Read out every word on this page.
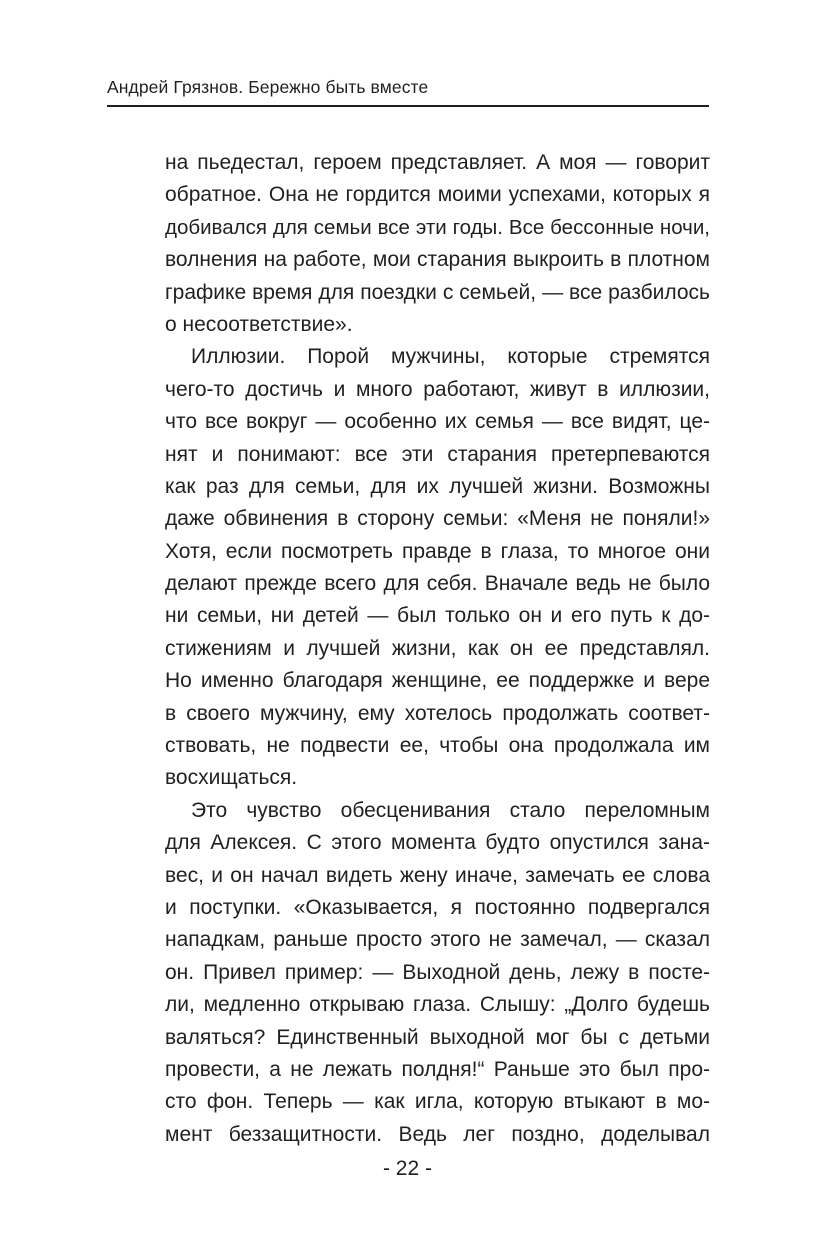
Андрей Грязнов. Бережно быть вместе
на пьедестал, героем представляет. А моя — говорит
обратное. Она не гордится моими успехами, которых я
добивался для семьи все эти годы. Все бессонные ночи,
волнения на работе, мои старания выкроить в плотном
графике время для поездки с семьей, — все разбилось
о несоответствие».
Иллюзии. Порой мужчины, которые стремятся
чего-то достичь и много работают, живут в иллюзии,
что все вокруг — особенно их семья — все видят, це-
нят и понимают: все эти старания претерпеваются
как раз для семьи, для их лучшей жизни. Возможны
даже обвинения в сторону семьи: «Меня не поняли!»
Хотя, если посмотреть правде в глаза, то многое они
делают прежде всего для себя. Вначале ведь не было
ни семьи, ни детей — был только он и его путь к до-
стижениям и лучшей жизни, как он ее представлял.
Но именно благодаря женщине, ее поддержке и вере
в своего мужчину, ему хотелось продолжать соответ-
ствовать, не подвести ее, чтобы она продолжала им
восхищаться.
Это чувство обесценивания стало переломным
для Алексея. С этого момента будто опустился зана-
вес, и он начал видеть жену иначе, замечать ее слова
и поступки. «Оказывается, я постоянно подвергался
нападкам, раньше просто этого не замечал, — сказал
он. Привел пример: — Выходной день, лежу в посте-
ли, медленно открываю глаза. Слышу: „Долго будешь
валяться? Единственный выходной мог бы с детьми
провести, а не лежать полдня!“ Раньше это был про-
сто фон. Теперь — как игла, которую втыкают в мо-
мент беззащитности. Ведь лег поздно, доделывал
- 22 -
